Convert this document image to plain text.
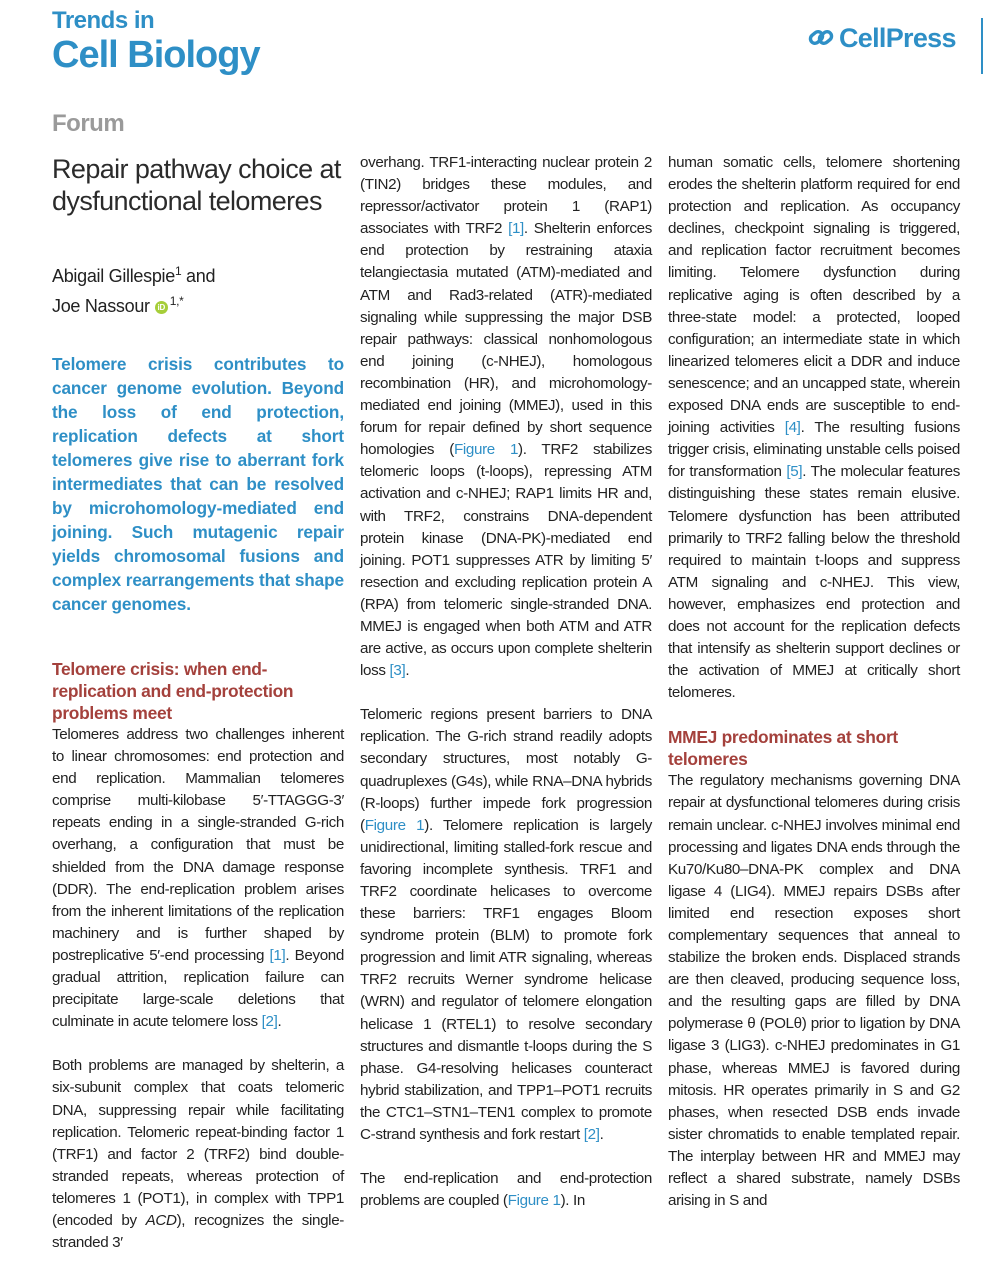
Trends in
Cell Biology	CellPress
Forum
Repair pathway choice at dysfunctional telomeres
Abigail Gillespie$^1$ and
Joe Nassour iD $^{1,*}$
Telomere crisis contributes to cancer genome evolution. Beyond the loss of end protection, replication defects at short telomeres give rise to aberrant fork intermediates that can be resolved by microhomology-mediated end joining. Such mutagenic repair yields chromosomal fusions and complex rearrangements that shape cancer genomes.
Telomere crisis: when end-replication and end-protection problems meet

Telomeres address two challenges inherent to linear chromosomes: end protection and end replication. Mammalian telomeres comprise multi-kilobase 5′-TTAGGG-3′ repeats ending in a single-stranded G-rich overhang, a configuration that must be shielded from the DNA damage response (DDR). The end-replication problem arises from the inherent limitations of the replication machinery and is further shaped by postreplicative 5′-end processing [1]. Beyond gradual attrition, replication failure can precipitate large-scale deletions that culminate in acute telomere loss [2].

Both problems are managed by shelterin, a six-subunit complex that coats telomeric DNA, suppressing repair while facilitating replication. Telomeric repeat-binding factor 1 (TRF1) and factor 2 (TRF2) bind double-stranded repeats, whereas protection of telomeres 1 (POT1), in complex with TPP1 (encoded by ACD), recognizes the single-stranded 3′

overhang. TRF1-interacting nuclear protein 2 (TIN2) bridges these modules, and repressor/activator protein 1 (RAP1) associates with TRF2 [1]. Shelterin enforces end protection by restraining ataxia telangiectasia mutated (ATM)-mediated and ATM and Rad3-related (ATR)-mediated signaling while suppressing the major DSB repair pathways: classical nonhomologous end joining (c-NHEJ), homologous recombination (HR), and microhomology-mediated end joining (MMEJ), used in this forum for repair defined by short sequence homologies (Figure 1). TRF2 stabilizes telomeric loops (t-loops), repressing ATM activation and c-NHEJ; RAP1 limits HR and, with TRF2, constrains DNA-dependent protein kinase (DNA-PK)-mediated end joining. POT1 suppresses ATR by limiting 5′ resection and excluding replication protein A (RPA) from telomeric single-stranded DNA. MMEJ is engaged when both ATM and ATR are active, as occurs upon complete shelterin loss [3].

Telomeric regions present barriers to DNA replication. The G-rich strand readily adopts secondary structures, most notably G-quadruplexes (G4s), while RNA–DNA hybrids (R-loops) further impede fork progression (Figure 1). Telomere replication is largely unidirectional, limiting stalled-fork rescue and favoring incomplete synthesis. TRF1 and TRF2 coordinate helicases to overcome these barriers: TRF1 engages Bloom syndrome protein (BLM) to promote fork progression and limit ATR signaling, whereas TRF2 recruits Werner syndrome helicase (WRN) and regulator of telomere elongation helicase 1 (RTEL1) to resolve secondary structures and dismantle t-loops during the S phase. G4-resolving helicases counteract hybrid stabilization, and TPP1–POT1 recruits the CTC1–STN1–TEN1 complex to promote C-strand synthesis and fork restart [2].

The end-replication and end-protection problems are coupled (Figure 1). In

human somatic cells, telomere shortening erodes the shelterin platform required for end protection and replication. As occupancy declines, checkpoint signaling is triggered, and replication factor recruitment becomes limiting. Telomere dysfunction during replicative aging is often described by a three-state model: a protected, looped configuration; an intermediate state in which linearized telomeres elicit a DDR and induce senescence; and an uncapped state, wherein exposed DNA ends are susceptible to end-joining activities [4]. The resulting fusions trigger crisis, eliminating unstable cells poised for transformation [5]. The molecular features distinguishing these states remain elusive. Telomere dysfunction has been attributed primarily to TRF2 falling below the threshold required to maintain t-loops and suppress ATM signaling and c-NHEJ. This view, however, emphasizes end protection and does not account for the replication defects that intensify as shelterin support declines or the activation of MMEJ at critically short telomeres.

MMEJ predominates at short telomeres

The regulatory mechanisms governing DNA repair at dysfunctional telomeres during crisis remain unclear. c-NHEJ involves minimal end processing and ligates DNA ends through the Ku70/Ku80–DNA-PK complex and DNA ligase 4 (LIG4). MMEJ repairs DSBs after limited end resection exposes short complementary sequences that anneal to stabilize the broken ends. Displaced strands are then cleaved, producing sequence loss, and the resulting gaps are filled by DNA polymerase θ (POLθ) prior to ligation by DNA ligase 3 (LIG3). c-NHEJ predominates in G1 phase, whereas MMEJ is favored during mitosis. HR operates primarily in S and G2 phases, when resected DSB ends invade sister chromatids to enable templated repair. The interplay between HR and MMEJ may reflect a shared substrate, namely DSBs arising in S and
